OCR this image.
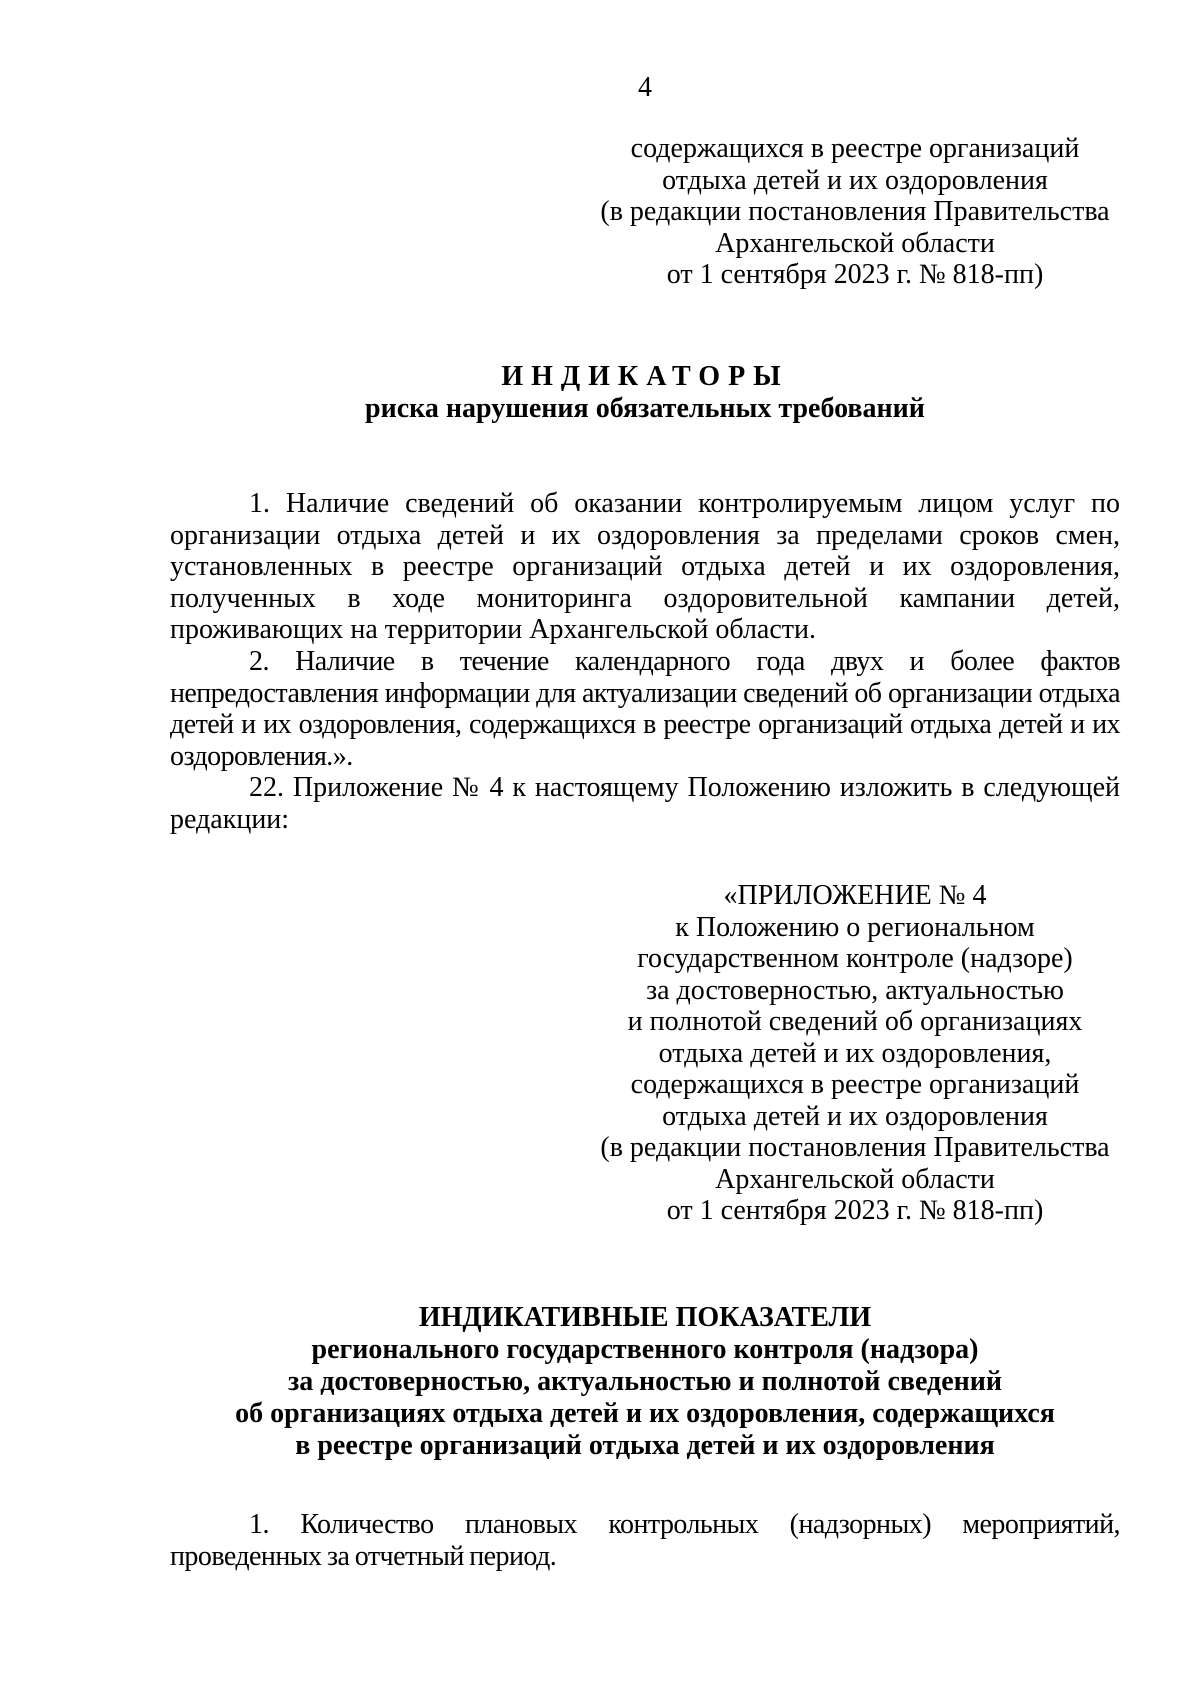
4
содержащихся в реестре организаций
отдыха детей и их оздоровления
(в редакции постановления Правительства
Архангельской области
от 1 сентября 2023 г. № 818-пп)
ИНДИКАТОРЫ
риска нарушения обязательных требований

1. Наличие сведений об оказании контролируемым лицом услуг по организации отдыха детей и их оздоровления за пределами сроков смен, установленных в реестре организаций отдыха детей и их оздоровления, полученных в ходе мониторинга оздоровительной кампании детей, проживающих на территории Архангельской области.

2. Наличие в течение календарного года двух и более фактов непредоставления информации для актуализации сведений об организации отдыха детей и их оздоровления, содержащихся в реестре организаций отдыха детей и их оздоровления.».

22. Приложение № 4 к настоящему Положению изложить в следующей редакции:

«ПРИЛОЖЕНИЕ № 4
к Положению о региональном
государственном контроле (надзоре)
за достоверностью, актуальностью
и полнотой сведений об организациях
отдыха детей и их оздоровления,
содержащихся в реестре организаций
отдыха детей и их оздоровления
(в редакции постановления Правительства
Архангельской области
от 1 сентября 2023 г. № 818-пп)
ИНДИКАТИВНЫЕ ПОКАЗАТЕЛИ
регионального государственного контроля (надзора)
за достоверностью, актуальностью и полнотой сведений
об организациях отдыха детей и их оздоровления, содержащихся
в реестре организаций отдыха детей и их оздоровления

1. Количество плановых контрольных (надзорных) мероприятий, проведенных за отчетный период.
